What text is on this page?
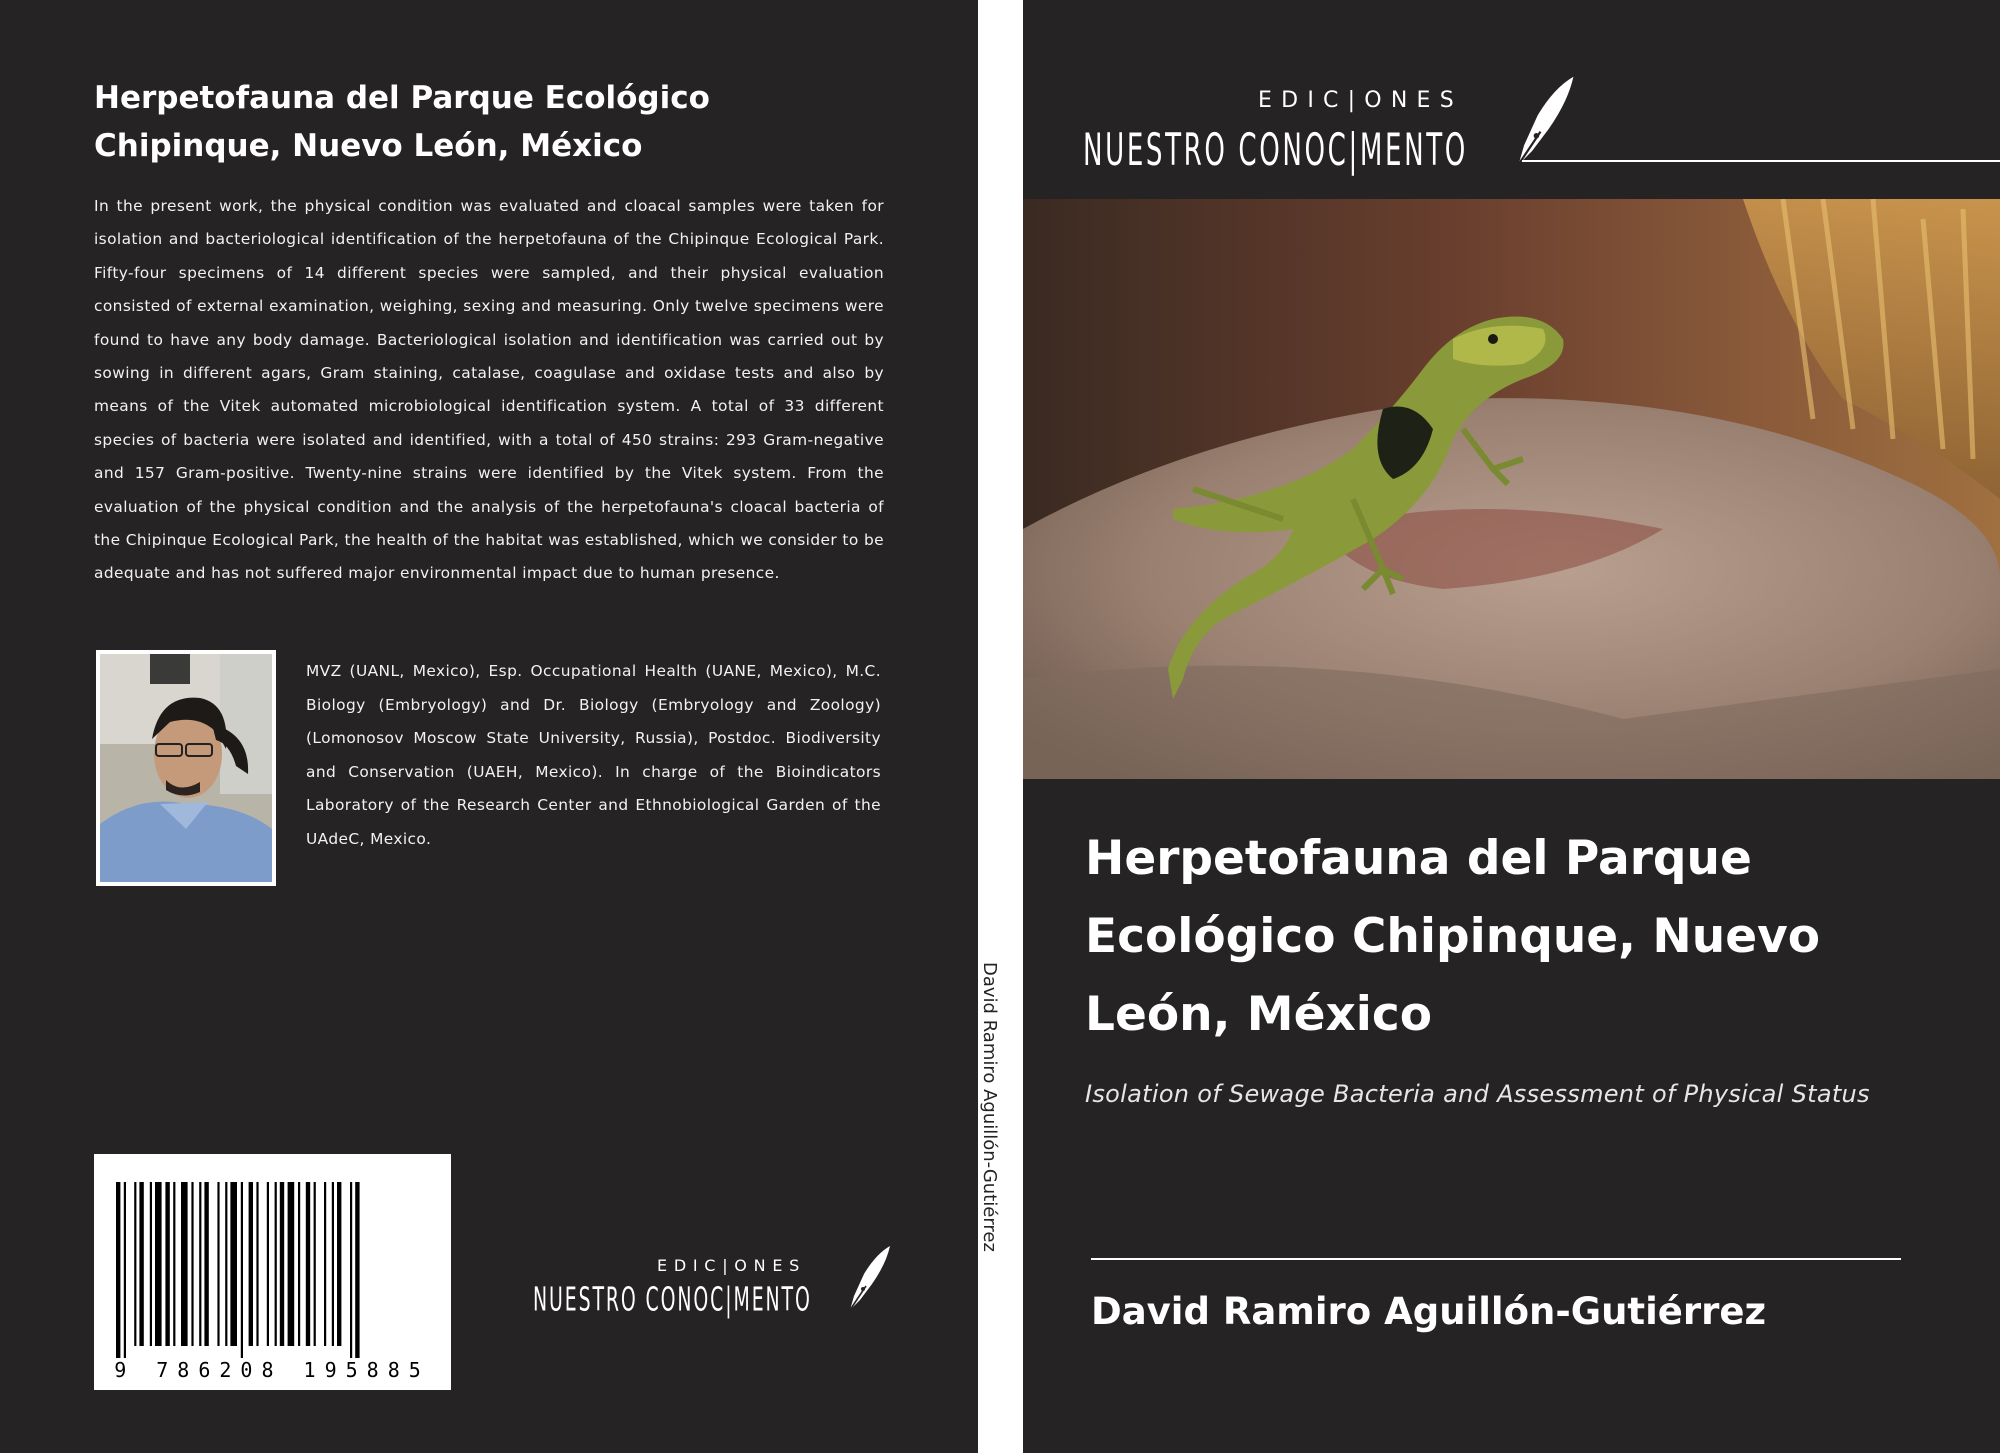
Herpetofauna del Parque Ecológico Chipinque, Nuevo León, México

In the present work, the physical condition was evaluated and cloacal samples were taken for isolation and bacteriological identification of the herpetofauna of the Chipinque Ecological Park. Fifty-four specimens of 14 different species were sampled, and their physical evaluation consisted of external examination, weighing, sexing and measuring. Only twelve specimens were found to have any body damage. Bacteriological isolation and identification was carried out by sowing in different agars, Gram staining, catalase, coagulase and oxidase tests and also by means of the Vitek automated microbiological identification system. A total of 33 different species of bacteria were isolated and identified, with a total of 450 strains: 293 Gram-negative and 157 Gram-positive. Twenty-nine strains were identified by the Vitek system. From the evaluation of the physical condition and the analysis of the herpetofauna's cloacal bacteria of the Chipinque Ecological Park, the health of the habitat was established, which we consider to be adequate and has not suffered major environmental impact due to human presence.

MVZ (UANL, Mexico), Esp. Occupational Health (UANE, Mexico), M.C. Biology (Embryology) and Dr. Biology (Embryology and Zoology) (Lomonosov Moscow State University, Russia), Postdoc. Biodiversity and Conservation (UAEH, Mexico). In charge of the Bioindicators Laboratory of the Research Center and Ethnobiological Garden of the UAdeC, Mexico.

9 786208 195885
EDIC|ONES
NUESTRO CONOC|MENTO
David Ramiro Aguillón-Gutiérrez
EDIC|ONES
NUESTRO CONOC|MENTO
Herpetofauna del Parque Ecológico Chipinque, Nuevo León, México

Isolation of Sewage Bacteria and Assessment of Physical Status

David Ramiro Aguillón-Gutiérrez
